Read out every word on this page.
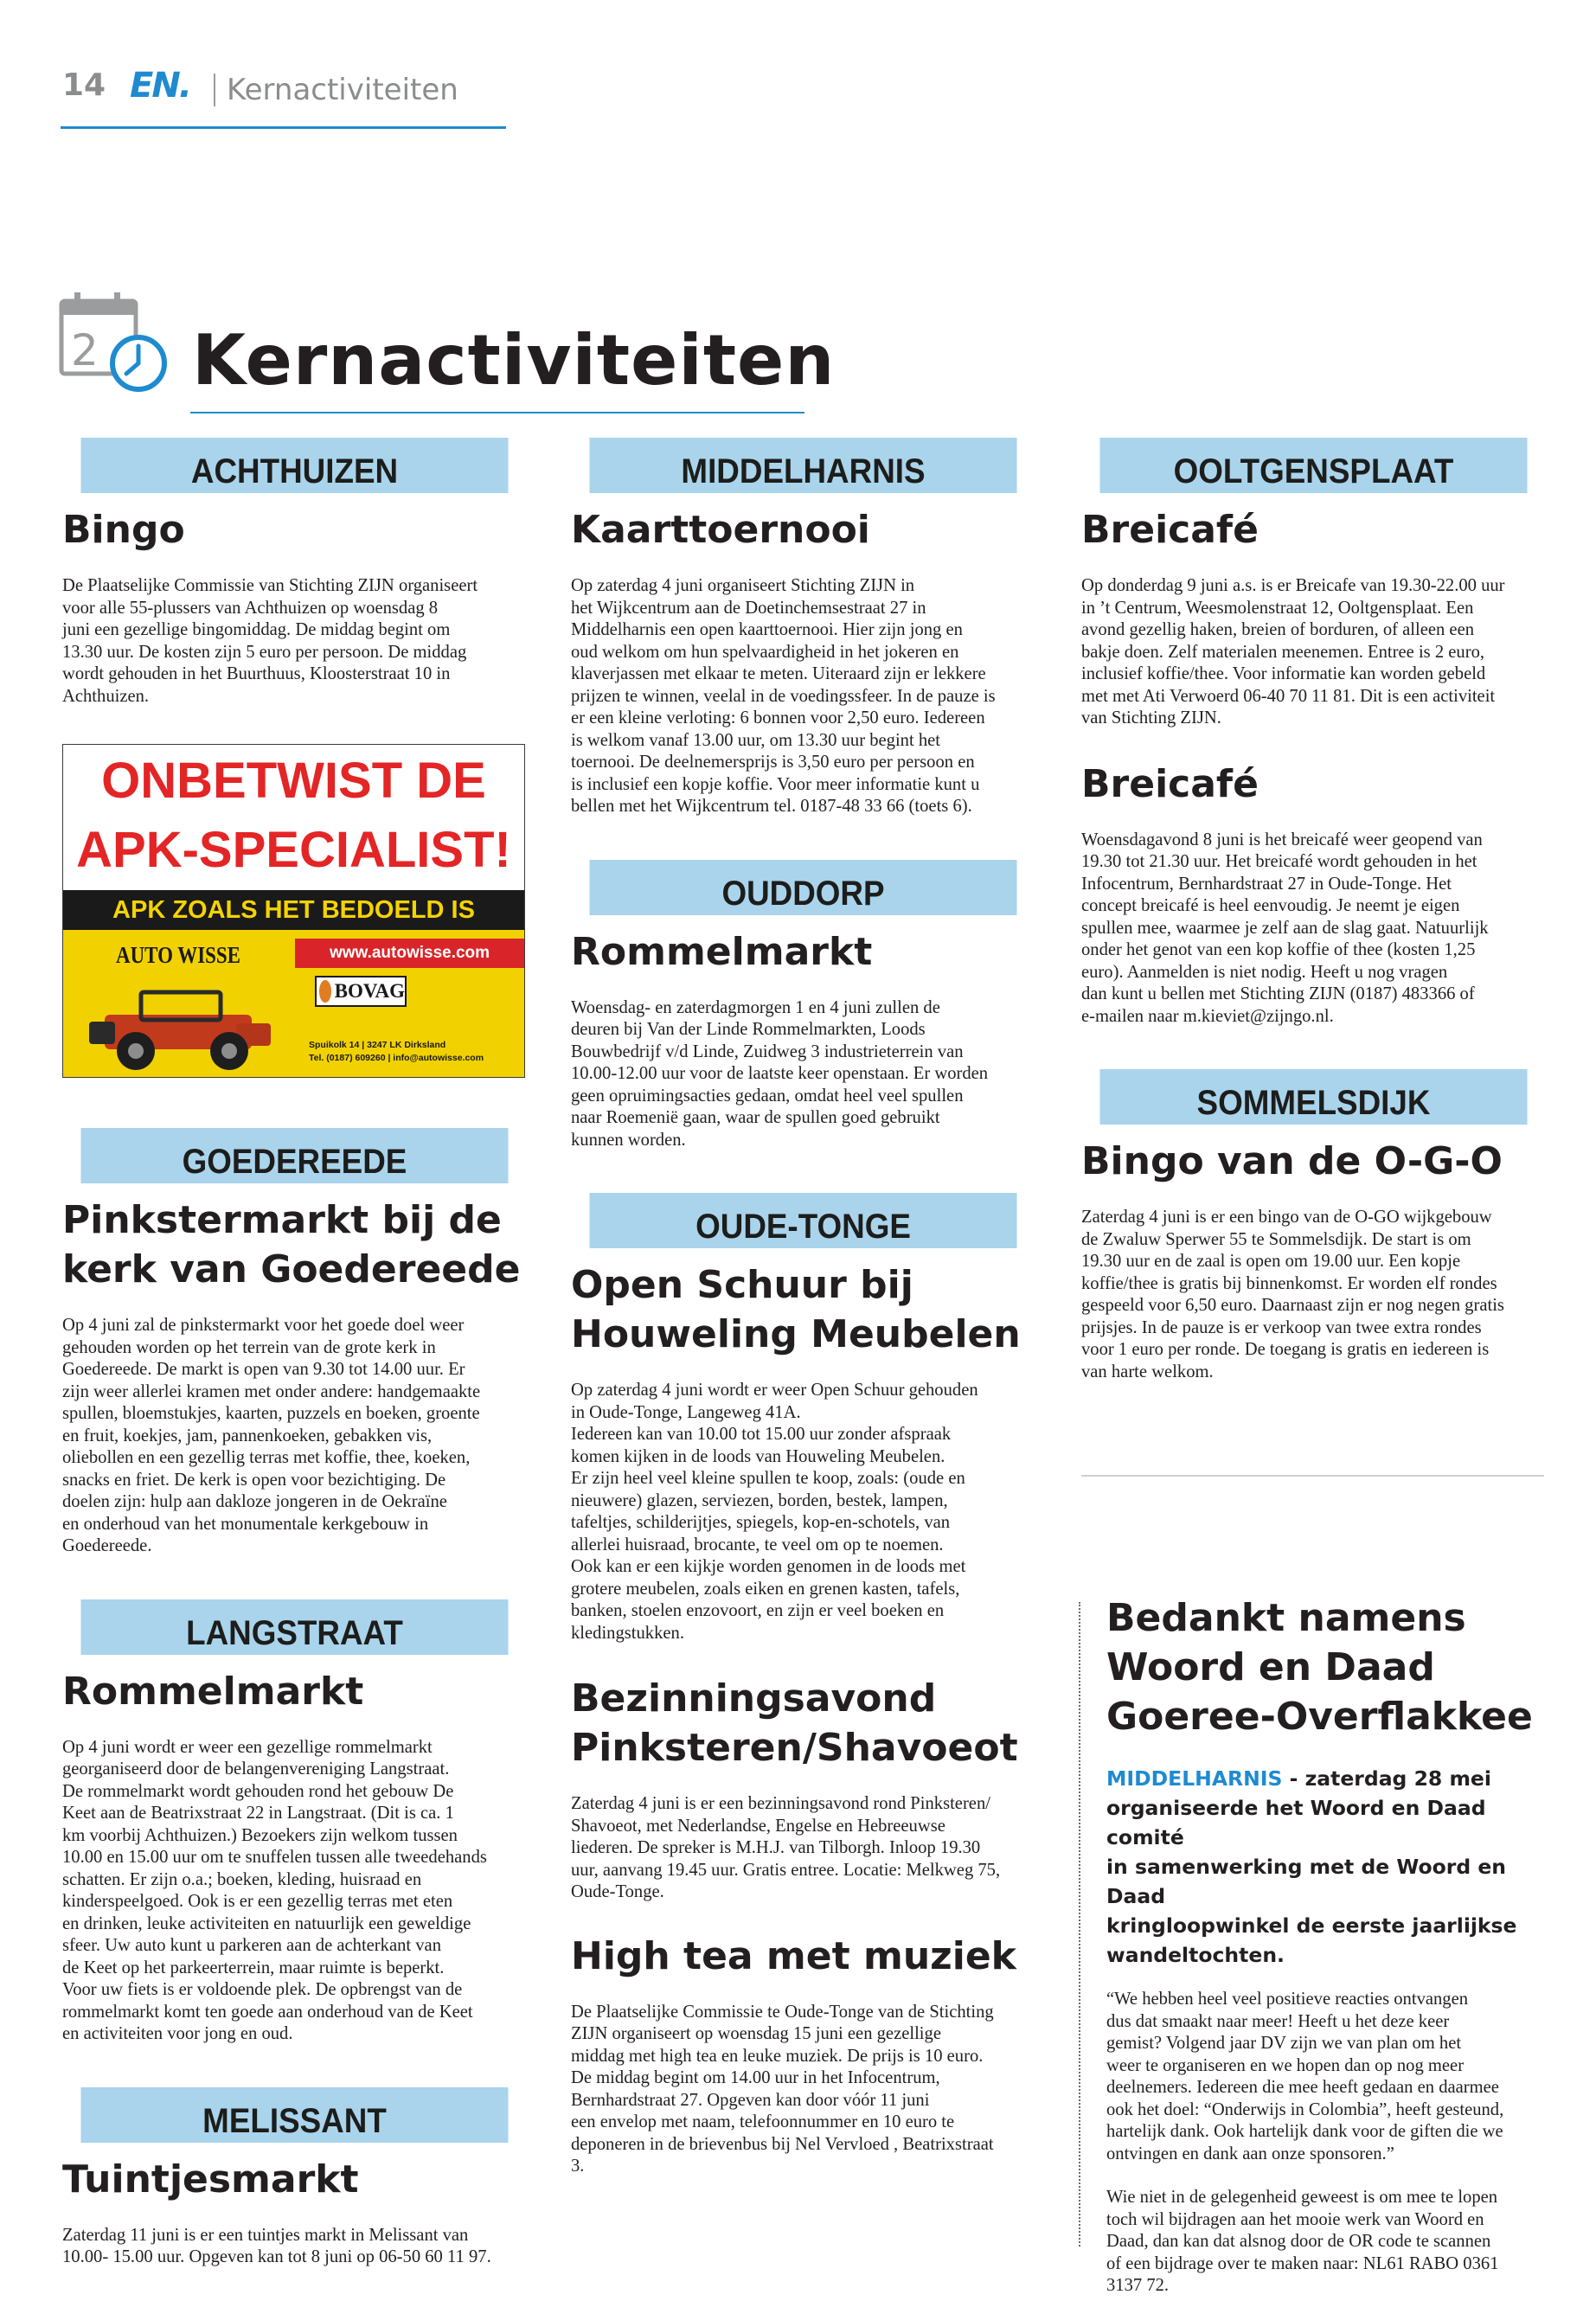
14 EN. Kernactiviteiten
2 Kernactiviteiten
ACHTHUIZEN
Bingo

De Plaatselijke Commissie van Stichting ZIJN organiseert
voor alle 55-plussers van Achthuizen op woensdag 8
juni een gezellige bingomiddag. De middag begint om
13.30 uur. De kosten zijn 5 euro per persoon. De middag
wordt gehouden in het Buurthuus, Kloosterstraat 10 in
Achthuizen.

ONBETWIST DE
APK-SPECIALIST!
APK ZOALS HET BEDOELD IS
AUTO WISSE	www.autowisse.com
BOVAG
Spuikolk 14 | 3247 LK Dirksland
Tel. (0187) 609260 | info@autowisse.com
GOEDEREEDE
Pinkstermarkt bij de
kerk van Goedereede

Op 4 juni zal de pinkstermarkt voor het goede doel weer
gehouden worden op het terrein van de grote kerk in
Goedereede. De markt is open van 9.30 tot 14.00 uur. Er
zijn weer allerlei kramen met onder andere: handgemaakte
spullen, bloemstukjes, kaarten, puzzels en boeken, groente
en fruit, koekjes, jam, pannenkoeken, gebakken vis,
oliebollen en een gezellig terras met koffie, thee, koeken,
snacks en friet. De kerk is open voor bezichtiging. De
doelen zijn: hulp aan dakloze jongeren in de Oekraïne
en onderhoud van het monumentale kerkgebouw in
Goedereede.

LANGSTRAAT
Rommelmarkt

Op 4 juni wordt er weer een gezellige rommelmarkt
georganiseerd door de belangenvereniging Langstraat.
De rommelmarkt wordt gehouden rond het gebouw De
Keet aan de Beatrixstraat 22 in Langstraat. (Dit is ca. 1
km voorbij Achthuizen.) Bezoekers zijn welkom tussen
10.00 en 15.00 uur om te snuffelen tussen alle tweedehands
schatten. Er zijn o.a.; boeken, kleding, huisraad en
kinderspeelgoed. Ook is er een gezellig terras met eten
en drinken, leuke activiteiten en natuurlijk een geweldige
sfeer. Uw auto kunt u parkeren aan de achterkant van
de Keet op het parkeerterrein, maar ruimte is beperkt.
Voor uw fiets is er voldoende plek. De opbrengst van de
rommelmarkt komt ten goede aan onderhoud van de Keet
en activiteiten voor jong en oud.

MELISSANT
Tuintjesmarkt

Zaterdag 11 juni is er een tuintjes markt in Melissant van
10.00- 15.00 uur. Opgeven kan tot 8 juni op 06-50 60 11 97.

MIDDELHARNIS
Kaarttoernooi

Op zaterdag 4 juni organiseert Stichting ZIJN in
het Wijkcentrum aan de Doetinchemsestraat 27 in
Middelharnis een open kaarttoernooi. Hier zijn jong en
oud welkom om hun spelvaardigheid in het jokeren en
klaverjassen met elkaar te meten. Uiteraard zijn er lekkere
prijzen te winnen, veelal in de voedingssfeer. In de pauze is
er een kleine verloting: 6 bonnen voor 2,50 euro. Iedereen
is welkom vanaf 13.00 uur, om 13.30 uur begint het
toernooi. De deelnemersprijs is 3,50 euro per persoon en
is inclusief een kopje koffie. Voor meer informatie kunt u
bellen met het Wijkcentrum tel. 0187-48 33 66 (toets 6).

OUDDORP
Rommelmarkt

Woensdag- en zaterdagmorgen 1 en 4 juni zullen de
deuren bij Van der Linde Rommelmarkten, Loods
Bouwbedrijf v/d Linde, Zuidweg 3 industrieterrein van
10.00-12.00 uur voor de laatste keer openstaan. Er worden
geen opruimingsacties gedaan, omdat heel veel spullen
naar Roemenië gaan, waar de spullen goed gebruikt
kunnen worden.

OUDE-TONGE
Open Schuur bij
Houweling Meubelen

Op zaterdag 4 juni wordt er weer Open Schuur gehouden
in Oude-Tonge, Langeweg 41A.
Iedereen kan van 10.00 tot 15.00 uur zonder afspraak
komen kijken in de loods van Houweling Meubelen.
Er zijn heel veel kleine spullen te koop, zoals: (oude en
nieuwere) glazen, serviezen, borden, bestek, lampen,
tafeltjes, schilderijtjes, spiegels, kop-en-schotels, van
allerlei huisraad, brocante, te veel om op te noemen.
Ook kan er een kijkje worden genomen in de loods met
grotere meubelen, zoals eiken en grenen kasten, tafels,
banken, stoelen enzovoort, en zijn er veel boeken en
kledingstukken.

Bezinningsavond
Pinksteren/Shavoeot

Zaterdag 4 juni is er een bezinningsavond rond Pinksteren/
Shavoeot, met Nederlandse, Engelse en Hebreeuwse
liederen. De spreker is M.H.J. van Tilborgh. Inloop 19.30
uur, aanvang 19.45 uur. Gratis entree. Locatie: Melkweg 75,
Oude-Tonge.

High tea met muziek

De Plaatselijke Commissie te Oude-Tonge van de Stichting
ZIJN organiseert op woensdag 15 juni een gezellige
middag met high tea en leuke muziek. De prijs is 10 euro.
De middag begint om 14.00 uur in het Infocentrum,
Bernhardstraat 27. Opgeven kan door vóór 11 juni
een envelop met naam, telefoonnummer en 10 euro te
deponeren in de brievenbus bij Nel Vervloed , Beatrixstraat
3.

OOLTGENSPLAAT
Breicafé

Op donderdag 9 juni a.s. is er Breicafe van 19.30-22.00 uur
in ’t Centrum, Weesmolenstraat 12, Ooltgensplaat. Een
avond gezellig haken, breien of borduren, of alleen een
bakje doen. Zelf materialen meenemen. Entree is 2 euro,
inclusief koffie/thee. Voor informatie kan worden gebeld
met met Ati Verwoerd 06-40 70 11 81. Dit is een activiteit
van Stichting ZIJN.

Breicafé

Woensdagavond 8 juni is het breicafé weer geopend van
19.30 tot 21.30 uur. Het breicafé wordt gehouden in het
Infocentrum, Bernhardstraat 27 in Oude-Tonge. Het
concept breicafé is heel eenvoudig. Je neemt je eigen
spullen mee, waarmee je zelf aan de slag gaat. Natuurlijk
onder het genot van een kop koffie of thee (kosten 1,25
euro). Aanmelden is niet nodig. Heeft u nog vragen
dan kunt u bellen met Stichting ZIJN (0187) 483366 of
e-mailen naar m.kieviet@zijngo.nl.

SOMMELSDIJK
Bingo van de O-G-O

Zaterdag 4 juni is er een bingo van de O-GO wijkgebouw
de Zwaluw Sperwer 55 te Sommelsdijk. De start is om
19.30 uur en de zaal is open om 19.00 uur. Een kopje
koffie/thee is gratis bij binnenkomst. Er worden elf rondes
gespeeld voor 6,50 euro. Daarnaast zijn er nog negen gratis
prijsjes. In de pauze is er verkoop van twee extra rondes
voor 1 euro per ronde. De toegang is gratis en iedereen is
van harte welkom.

Bedankt namens
Woord en Daad
Goeree-Overflakkee

MIDDELHARNIS - zaterdag 28 mei
organiseerde het Woord en Daad comité
in samenwerking met de Woord en Daad
kringloopwinkel de eerste jaarlijkse
wandeltochten.

“We hebben heel veel positieve reacties ontvangen
dus dat smaakt naar meer! Heeft u het deze keer
gemist? Volgend jaar DV zijn we van plan om het
weer te organiseren en we hopen dan op nog meer
deelnemers. Iedereen die mee heeft gedaan en daarmee
ook het doel: “Onderwijs in Colombia”, heeft gesteund,
hartelijk dank. Ook hartelijk dank voor de giften die we
ontvingen en dank aan onze sponsoren.”

Wie niet in de gelegenheid geweest is om mee te lopen
toch wil bijdragen aan het mooie werk van Woord en
Daad, dan kan dat alsnog door de OR code te scannen
of een bijdrage over te maken naar: NL61 RABO 0361
3137 72.
